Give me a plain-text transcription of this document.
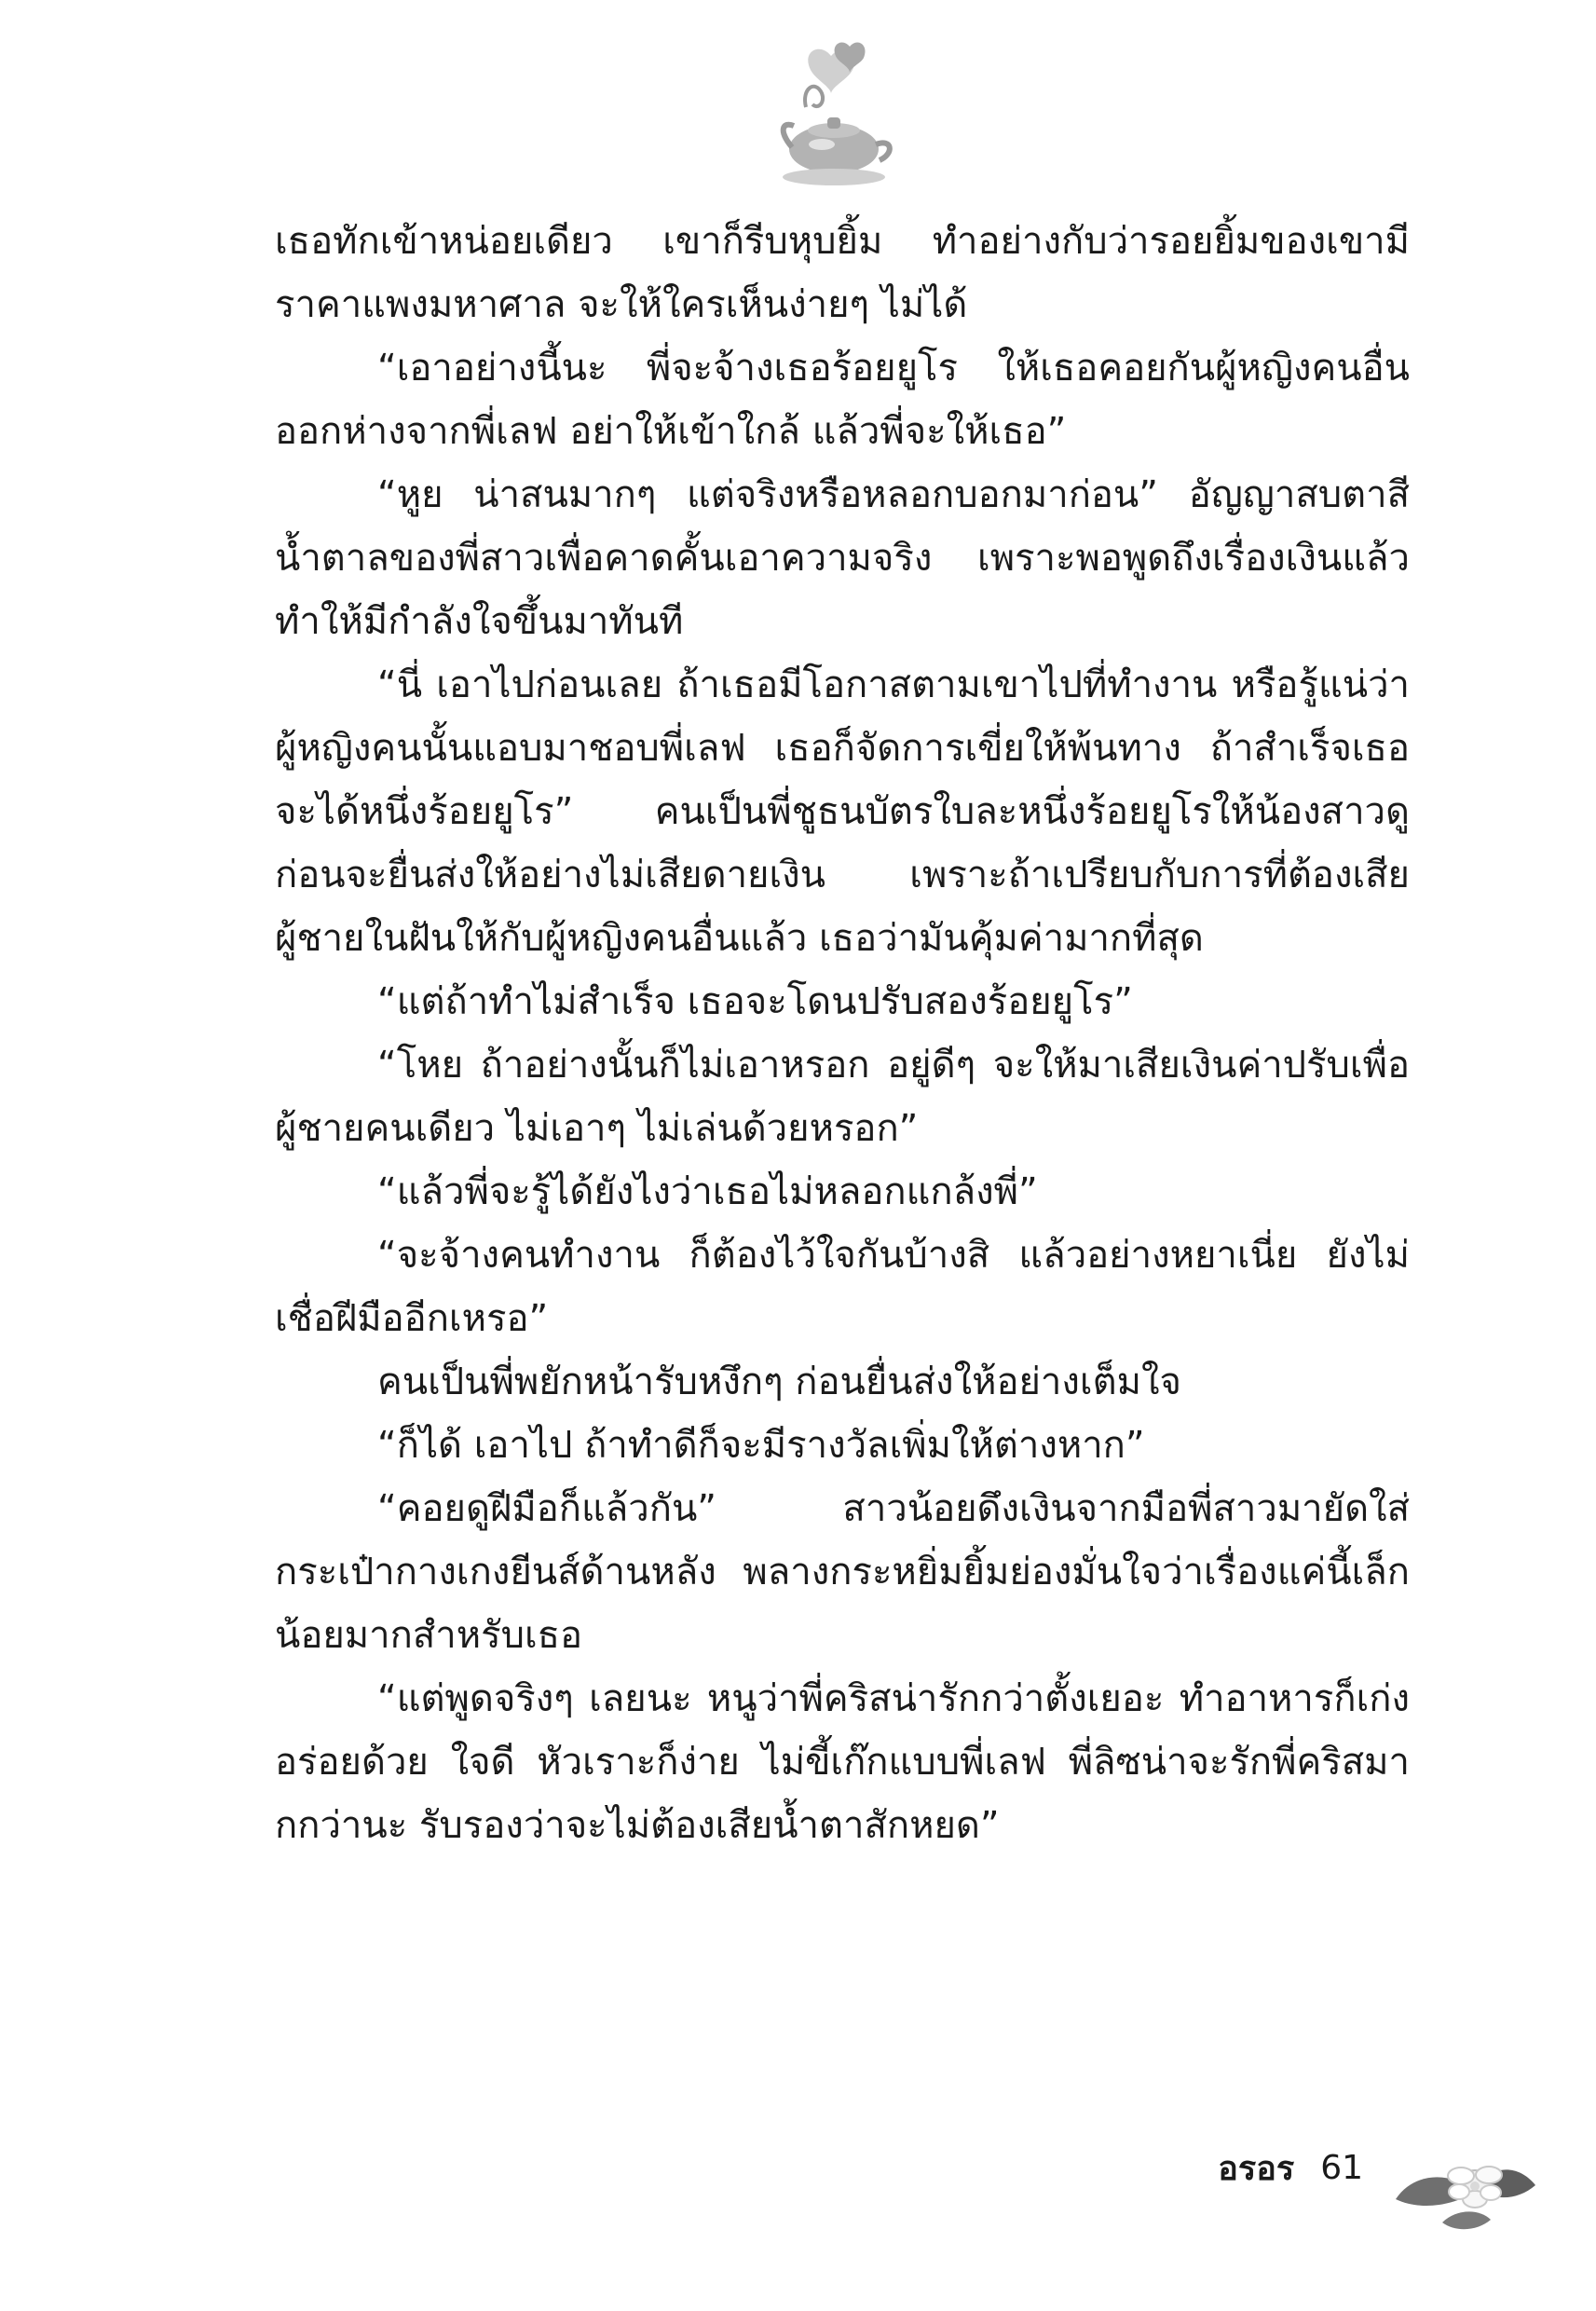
เธอทักเข้าหน่อยเดียว เขาก็รีบหุบยิ้ม ทำอย่างกับว่ารอยยิ้มของเขามีราคาแพงมหาศาล จะให้ใครเห็นง่ายๆ ไม่ได้

“เอาอย่างนี้นะ พี่จะจ้างเธอร้อยยูโร ให้เธอคอยกันผู้หญิงคนอื่นออกห่างจากพี่เลฟ อย่าให้เข้าใกล้ แล้วพี่จะให้เธอ”

“หูย น่าสนมากๆ แต่จริงหรือหลอกบอกมาก่อน” อัญญาสบตาสีน้ำตาลของพี่สาวเพื่อคาดคั้นเอาความจริง เพราะพอพูดถึงเรื่องเงินแล้วทำให้มีกำลังใจขึ้นมาทันที

“นี่ เอาไปก่อนเลย ถ้าเธอมีโอกาสตามเขาไปที่ทำงาน หรือรู้แน่ว่าผู้หญิงคนนั้นแอบมาชอบพี่เลฟ เธอก็จัดการเขี่ยให้พ้นทาง ถ้าสำเร็จเธอจะได้หนึ่งร้อยยูโร” คนเป็นพี่ชูธนบัตรใบละหนึ่งร้อยยูโรให้น้องสาวดูก่อนจะยื่นส่งให้อย่างไม่เสียดายเงิน เพราะถ้าเปรียบกับการที่ต้องเสียผู้ชายในฝันให้กับผู้หญิงคนอื่นแล้ว เธอว่ามันคุ้มค่ามากที่สุด

“แต่ถ้าทำไม่สำเร็จ เธอจะโดนปรับสองร้อยยูโร”

“โหย ถ้าอย่างนั้นก็ไม่เอาหรอก อยู่ดีๆ จะให้มาเสียเงินค่าปรับเพื่อผู้ชายคนเดียว ไม่เอาๆ ไม่เล่นด้วยหรอก”

“แล้วพี่จะรู้ได้ยังไงว่าเธอไม่หลอกแกล้งพี่”

“จะจ้างคนทำงาน ก็ต้องไว้ใจกันบ้างสิ แล้วอย่างหยาเนี่ย ยังไม่เชื่อฝีมืออีกเหรอ”

คนเป็นพี่พยักหน้ารับหงึกๆ ก่อนยื่นส่งให้อย่างเต็มใจ

“ก็ได้ เอาไป ถ้าทำดีก็จะมีรางวัลเพิ่มให้ต่างหาก”

“คอยดูฝีมือก็แล้วกัน” สาวน้อยดึงเงินจากมือพี่สาวมายัดใส่กระเป๋ากางเกงยีนส์ด้านหลัง พลางกระหยิ่มยิ้มย่องมั่นใจว่าเรื่องแค่นี้เล็กน้อยมากสำหรับเธอ

“แต่พูดจริงๆ เลยนะ หนูว่าพี่คริสน่ารักกว่าตั้งเยอะ ทำอาหารก็เก่ง อร่อยด้วย ใจดี หัวเราะก็ง่าย ไม่ขี้เก๊กแบบพี่เลฟ พี่ลิซน่าจะรักพี่คริสมากกว่านะ รับรองว่าจะไม่ต้องเสียน้ำตาสักหยด”

อรอร 61
